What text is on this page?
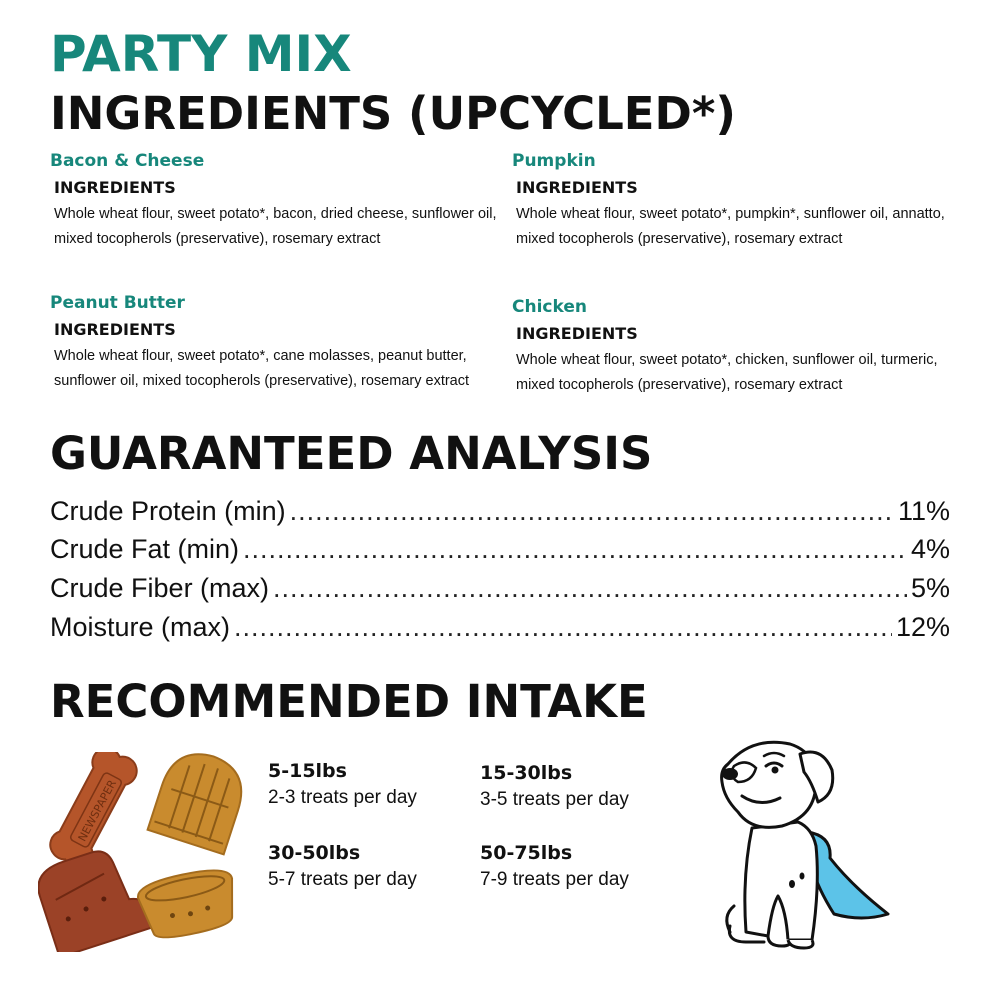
PARTY MIX
INGREDIENTS (UPCYCLED*)

Bacon & Cheese

INGREDIENTS

Whole wheat flour, sweet potato*, bacon, dried cheese, sunflower oil, mixed tocopherols (preservative), rosemary extract

Pumpkin

INGREDIENTS

Whole wheat flour, sweet potato*, pumpkin*, sunflower oil, annatto, mixed tocopherols (preservative), rosemary extract

Peanut Butter

INGREDIENTS

Whole wheat flour, sweet potato*, cane molasses, peanut butter, sunflower oil, mixed tocopherols (preservative), rosemary extract

Chicken

INGREDIENTS

Whole wheat flour, sweet potato*, chicken, sunflower oil, turmeric, mixed tocopherols (preservative), rosemary extract

GUARANTEED ANALYSIS
Crude Protein (min) .....	11%
Crude Fat (min) .....	4%
Crude Fiber (max) .....	5%
Moisture (max) .....	12%
RECOMMENDED INTAKE
NEWSPAPER

5-15lbs

2-3 treats per day

15-30lbs

3-5 treats per day

30-50lbs

5-7 treats per day

50-75lbs

7-9 treats per day
